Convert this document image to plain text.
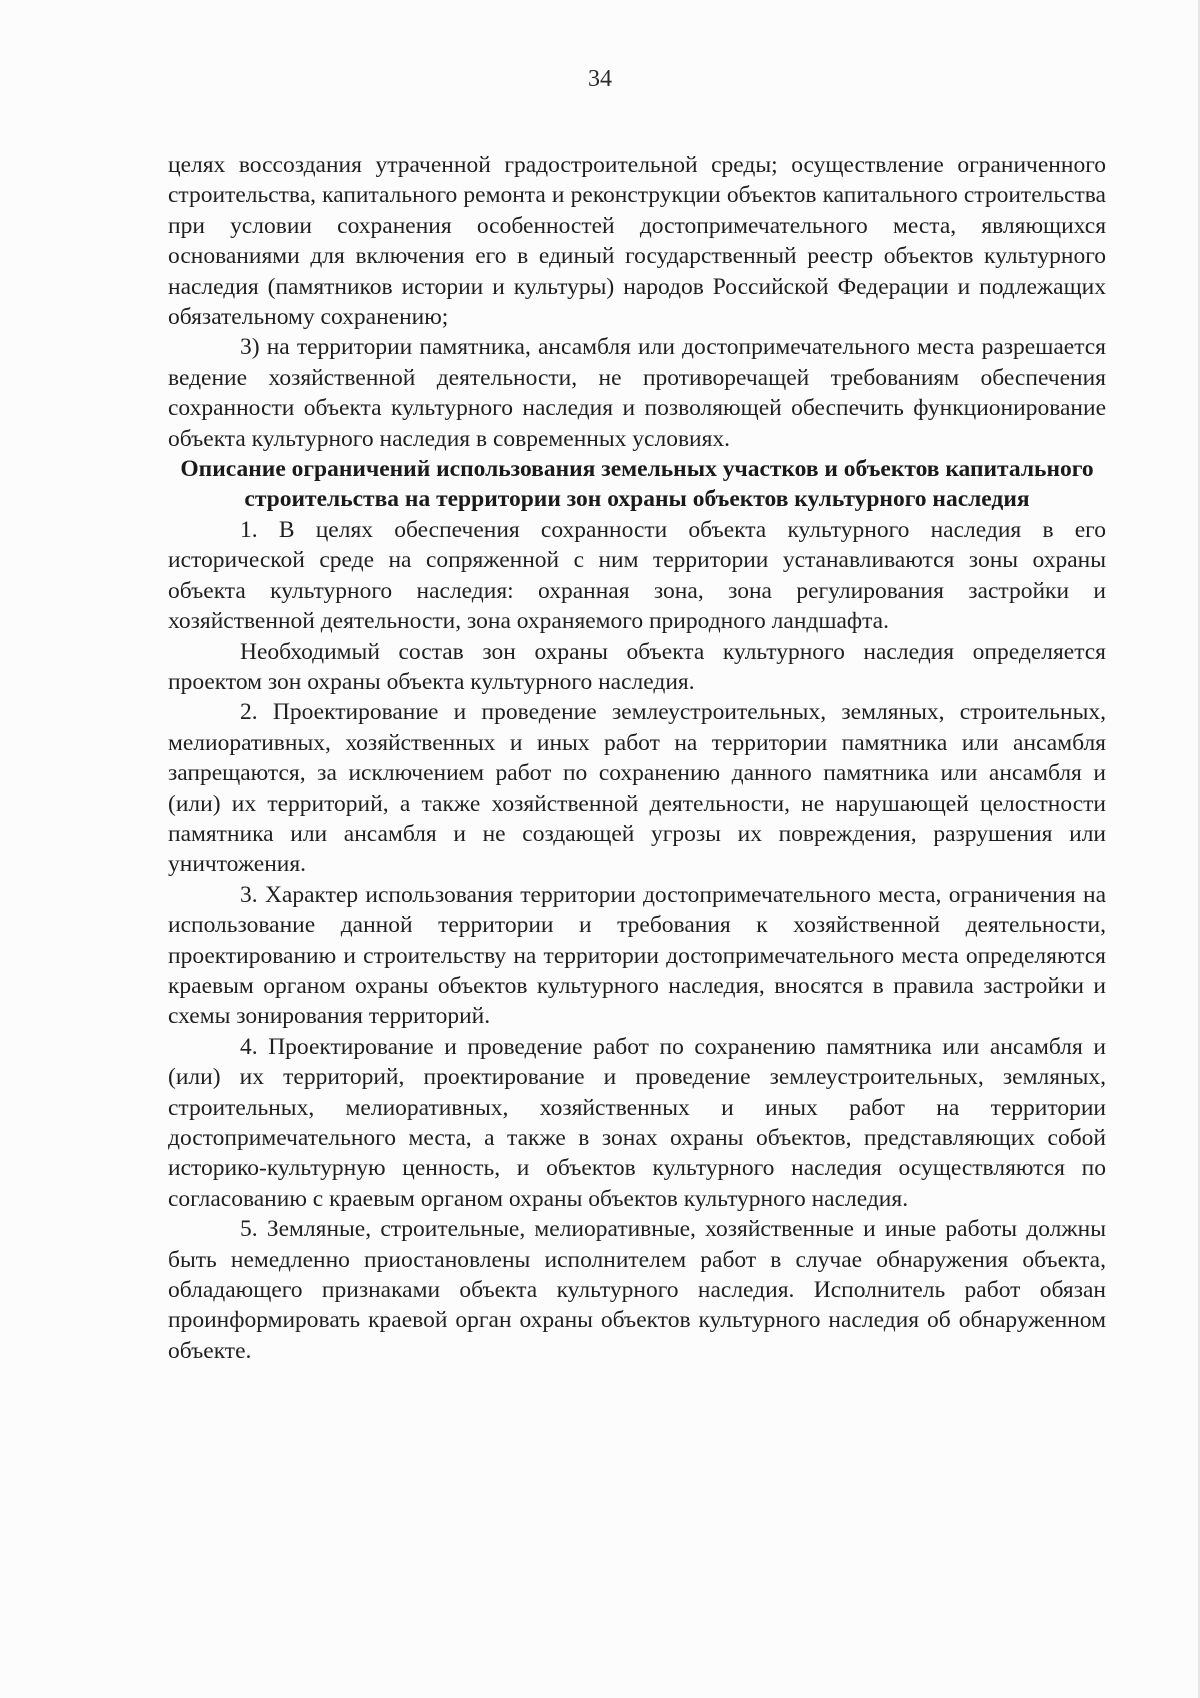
34

целях воссоздания утраченной градостроительной среды; осуществление ограниченного строительства, капитального ремонта и реконструкции объектов капитального строительства при условии сохранения особенностей достопримечательного места, являющихся основаниями для включения его в единый государственный реестр объектов культурного наследия (памятников истории и культуры) народов Российской Федерации и подлежащих обязательному сохранению;

3) на территории памятника, ансамбля или достопримечательного места разрешается ведение хозяйственной деятельности, не противоречащей требованиям обеспечения сохранности объекта культурного наследия и позволяющей обеспечить функционирование объекта культурного наследия в современных условиях.

Описание ограничений использования земельных участков и объектов капитального строительства на территории зон охраны объектов культурного наследия

1. В целях обеспечения сохранности объекта культурного наследия в его исторической среде на сопряженной с ним территории устанавливаются зоны охраны объекта культурного наследия: охранная зона, зона регулирования застройки и хозяйственной деятельности, зона охраняемого природного ландшафта.

Необходимый состав зон охраны объекта культурного наследия определяется проектом зон охраны объекта культурного наследия.

2. Проектирование и проведение землеустроительных, земляных, строительных, мелиоративных, хозяйственных и иных работ на территории памятника или ансамбля запрещаются, за исключением работ по сохранению данного памятника или ансамбля и (или) их территорий, а также хозяйственной деятельности, не нарушающей целостности памятника или ансамбля и не создающей угрозы их повреждения, разрушения или уничтожения.

3. Характер использования территории достопримечательного места, ограничения на использование данной территории и требования к хозяйственной деятельности, проектированию и строительству на территории достопримечательного места определяются краевым органом охраны объектов культурного наследия, вносятся в правила застройки и схемы зонирования территорий.

4. Проектирование и проведение работ по сохранению памятника или ансамбля и (или) их территорий, проектирование и проведение землеустроительных, земляных, строительных, мелиоративных, хозяйственных и иных работ на территории достопримечательного места, а также в зонах охраны объектов, представляющих собой историко-культурную ценность, и объектов культурного наследия осуществляются по согласованию с краевым органом охраны объектов культурного наследия.

5. Земляные, строительные, мелиоративные, хозяйственные и иные работы должны быть немедленно приостановлены исполнителем работ в случае обнаружения объекта, обладающего признаками объекта культурного наследия. Исполнитель работ обязан проинформировать краевой орган охраны объектов культурного наследия об обнаруженном объекте.
